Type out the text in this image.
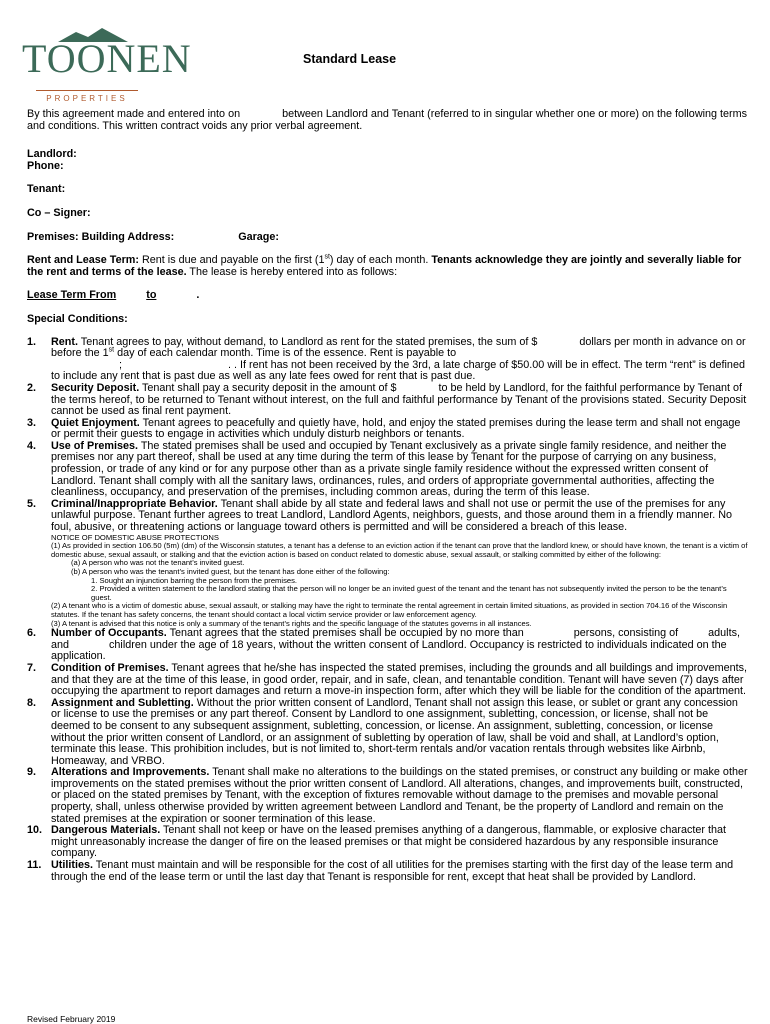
TOONEN
PROPERTIES
Standard Lease

By this agreement made and entered into on	between Landlord and Tenant (referred to in singular whether one or more) on the following terms and conditions. This written contract voids any prior verbal agreement.

Landlord:

Phone:

Tenant:

Co – Signer:

Premises: Building Address:	Garage:

Rent and Lease Term: Rent is due and payable on the first (1st) day of each month. Tenants acknowledge they are jointly and severally liable for the rent and terms of the lease. The lease is hereby entered into as follows:

Lease Term From	to	.

Special Conditions:

1. Rent. Tenant agrees to pay, without demand, to Landlord as rent for the stated premises, the sum of $	dollars per month in advance on or before the 1st day of each calendar month. Time is of the essence. Rent is payable to
;	. . If rent has not been received by the 3rd, a late charge of $50.00 will be in effect. The term “rent” is defined to include any rent that is past due as well as any late fees owed for rent that is past due.
2. Security Deposit. Tenant shall pay a security deposit in the amount of $	to be held by Landlord, for the faithful performance by Tenant of the terms hereof, to be returned to Tenant without interest, on the full and faithful performance by Tenant of the provisions stated. Security Deposit cannot be used as final rent payment.
3. Quiet Enjoyment. Tenant agrees to peacefully and quietly have, hold, and enjoy the stated premises during the lease term and shall not engage or permit their guests to engage in activities which unduly disturb neighbors or tenants.
4. Use of Premises. The stated premises shall be used and occupied by Tenant exclusively as a private single family residence, and neither the premises nor any part thereof, shall be used at any time during the term of this lease by Tenant for the purpose of carrying on any business, profession, or trade of any kind or for any purpose other than as a private single family residence without the expressed written consent of Landlord. Tenant shall comply with all the sanitary laws, ordinances, rules, and orders of appropriate governmental authorities, affecting the cleanliness, occupancy, and preservation of the premises, including common areas, during the term of this lease.
5. Criminal/Inappropriate Behavior. Tenant shall abide by all state and federal laws and shall not use or permit the use of the premises for any unlawful purpose. Tenant further agrees to treat Landlord, Landlord Agents, neighbors, guests, and those around them in a friendly manner. No foul, abusive, or threatening actions or language toward others is permitted and will be considered a breach of this lease.

NOTICE OF DOMESTIC ABUSE PROTECTIONS

(1) As provided in section 106.50 (5m) (dm) of the Wisconsin statutes, a tenant has a defense to an eviction action if the tenant can prove that the landlord knew, or should have known, the tenant is a victim of domestic abuse, sexual assault, or stalking and that the eviction action is based on conduct related to domestic abuse, sexual assault, or stalking committed by either of the following:

(a) A person who was not the tenant’s invited guest.

(b) A person who was the tenant’s invited guest, but the tenant has done either of the following:

1. Sought an injunction barring the person from the premises.

2. Provided a written statement to the landlord stating that the person will no longer be an invited guest of the tenant and the tenant has not subsequently invited the person to be the tenant’s guest.

(2) A tenant who is a victim of domestic abuse, sexual assault, or stalking may have the right to terminate the rental agreement in certain limited situations, as provided in section 704.16 of the Wisconsin statutes. If the tenant has safety concerns, the tenant should contact a local victim service provider or law enforcement agency.

(3) A tenant is advised that this notice is only a summary of the tenant’s rights and the specific language of the statutes governs in all instances.

6. Number of Occupants. Tenant agrees that the stated premises shall be occupied by no more than	persons, consisting of	adults, and	children under the age of 18 years, without the written consent of Landlord. Occupancy is restricted to individuals indicated on the application.
7. Condition of Premises. Tenant agrees that he/she has inspected the stated premises, including the grounds and all buildings and improvements, and that they are at the time of this lease, in good order, repair, and in safe, clean, and tenantable condition. Tenant will have seven (7) days after occupying the apartment to report damages and return a move-in inspection form, after which they will be liable for the condition of the apartment.
8. Assignment and Subletting. Without the prior written consent of Landlord, Tenant shall not assign this lease, or sublet or grant any concession or license to use the premises or any part thereof. Consent by Landlord to one assignment, subletting, concession, or license, shall not be deemed to be consent to any subsequent assignment, subletting, concession, or license. An assignment, subletting, concession, or license without the prior written consent of Landlord, or an assignment of subletting by operation of law, shall be void and shall, at Landlord’s option, terminate this lease. This prohibition includes, but is not limited to, short-term rentals and/or vacation rentals through websites like Airbnb, Homeaway, and VRBO.
9. Alterations and Improvements. Tenant shall make no alterations to the buildings on the stated premises, or construct any building or make other improvements on the stated premises without the prior written consent of Landlord. All alterations, changes, and improvements built, constructed, or placed on the stated premises by Tenant, with the exception of fixtures removable without damage to the premises and movable personal property, shall, unless otherwise provided by written agreement between Landlord and Tenant, be the property of Landlord and remain on the stated premises at the expiration or sooner termination of this lease.
10. Dangerous Materials. Tenant shall not keep or have on the leased premises anything of a dangerous, flammable, or explosive character that might unreasonably increase the danger of fire on the leased premises or that might be considered hazardous by any responsible insurance company.
11. Utilities. Tenant must maintain and will be responsible for the cost of all utilities for the premises starting with the first day of the lease term and through the end of the lease term or until the last day that Tenant is responsible for rent, except that heat shall be provided by Landlord.
Revised February 2019
